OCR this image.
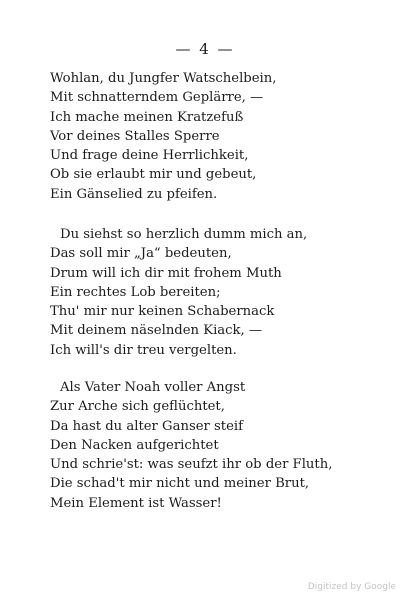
— 4 —
Wohlan, du Jungfer Watschelbein,
Mit schnatterndem Geplärre, —
Ich mache meinen Kratzefuß
Vor deines Stalles Sperre
Und frage deine Herrlichkeit,
Ob sie erlaubt mir und gebeut,
Ein Gänselied zu pfeifen.
Du siehst so herzlich dumm mich an,
Das soll mir „Ja“ bedeuten,
Drum will ich dir mit frohem Muth
Ein rechtes Lob bereiten;
Thu' mir nur keinen Schabernack
Mit deinem näselnden Kiack, —
Ich will's dir treu vergelten.
Als Vater Noah voller Angst
Zur Arche sich geflüchtet,
Da hast du alter Ganser steif
Den Nacken aufgerichtet
Und schrie'st: was seufzt ihr ob der Fluth,
Die schad't mir nicht und meiner Brut,
Mein Element ist Wasser!
Digitized by Google
